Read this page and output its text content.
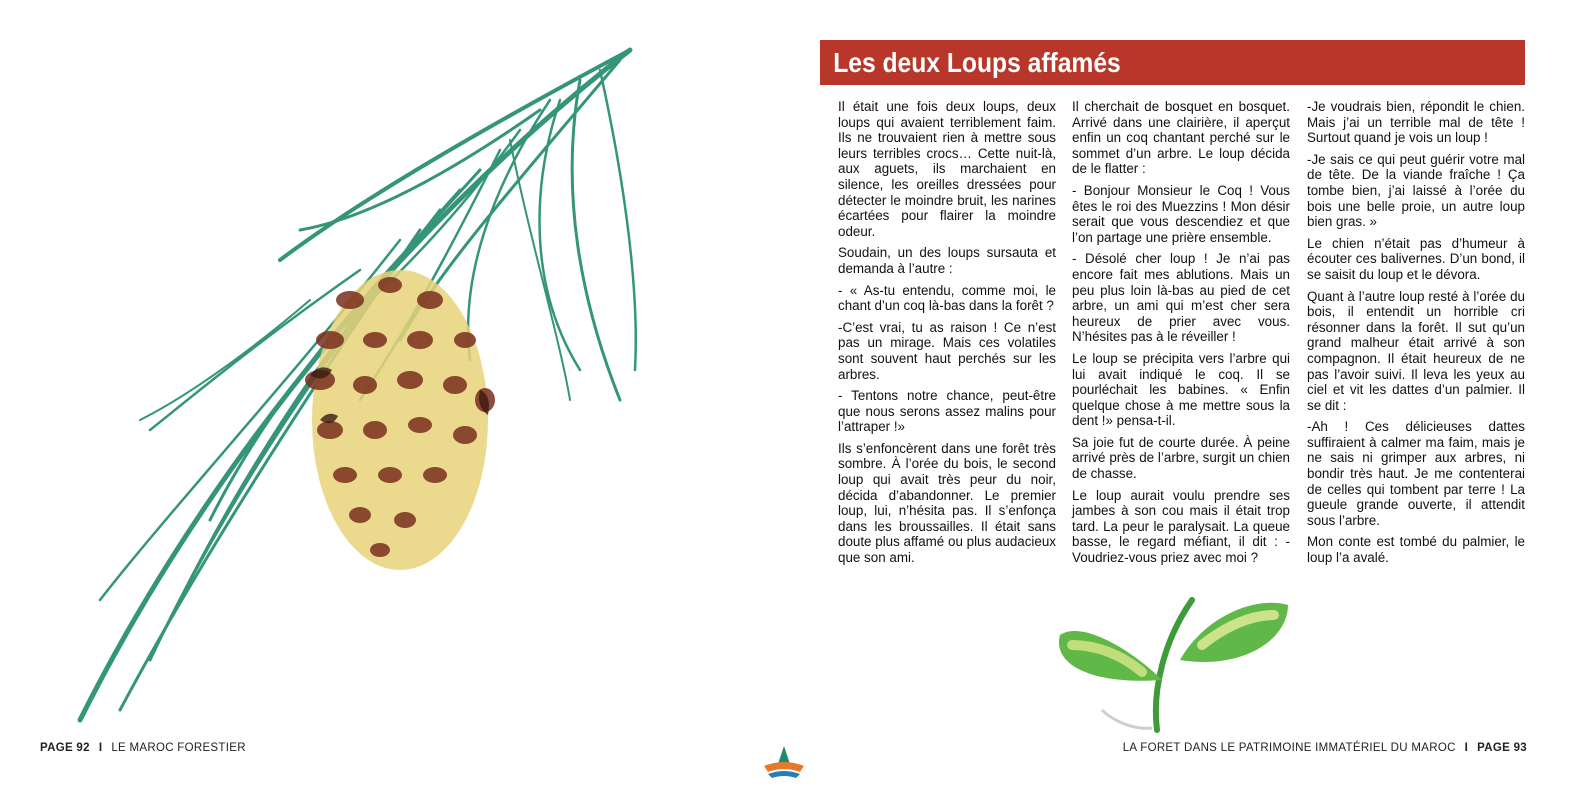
Les deux Loups affamés

Il était une fois deux loups, deux loups qui avaient terriblement faim. Ils ne trouvaient rien à mettre sous leurs terribles crocs… Cette nuit-là, aux aguets, ils marchaient en silence, les oreilles dressées pour détecter le moindre bruit, les narines écartées pour flairer la moindre odeur.

Soudain, un des loups sursauta et demanda à l’autre :

- « As-tu entendu, comme moi, le chant d’un coq là-bas dans la forêt ?

-C’est vrai, tu as raison ! Ce n’est pas un mirage. Mais ces volatiles sont souvent haut perchés sur les arbres.

- Tentons notre chance, peut-être que nous serons assez malins pour l’attraper !»

Ils s’enfoncèrent dans une forêt très sombre. À l’orée du bois, le second loup qui avait très peur du noir, décida d’abandonner. Le premier loup, lui, n’hésita pas. Il s’enfonça dans les broussailles. Il était sans doute plus affamé ou plus audacieux que son ami.

Il cherchait de bosquet en bosquet. Arrivé dans une clairière, il aperçut enfin un coq chantant perché sur le sommet d’un arbre. Le loup décida de le flatter :

- Bonjour Monsieur le Coq ! Vous êtes le roi des Muezzins ! Mon désir serait que vous descendiez et que l’on partage une prière ensemble.

- Désolé cher loup ! Je n’ai pas encore fait mes ablutions. Mais un peu plus loin là-bas au pied de cet arbre, un ami qui m’est cher sera heureux de prier avec vous. N’hésites pas à le réveiller !

Le loup se précipita vers l’arbre qui lui avait indiqué le coq. Il se pourléchait les babines. « Enfin quelque chose à me mettre sous la dent !» pensa-t-il.

Sa joie fut de courte durée. À peine arrivé près de l’arbre, surgit un chien de chasse.

Le loup aurait voulu prendre ses jambes à son cou mais il était trop tard. La peur le paralysait. La queue basse, le regard méfiant, il dit : - Voudriez-vous priez avec moi ?

-Je voudrais bien, répondit le chien. Mais j’ai un terrible mal de tête ! Surtout quand je vois un loup !

-Je sais ce qui peut guérir votre mal de tête. De la viande fraîche ! Ça tombe bien, j’ai laissé à l’orée du bois une belle proie, un autre loup bien gras. »

Le chien n’était pas d’humeur à écouter ces balivernes. D’un bond, il se saisit du loup et le dévora.

Quant à l’autre loup resté à l’orée du bois, il entendit un horrible cri résonner dans la forêt. Il sut qu’un grand malheur était arrivé à son compagnon. Il était heureux de ne pas l’avoir suivi. Il leva les yeux au ciel et vit les dattes d’un palmier. Il se dit :

-Ah ! Ces délicieuses dattes suffiraient à calmer ma faim, mais je ne sais ni grimper aux arbres, ni bondir très haut. Je me contenterai de celles qui tombent par terre ! La gueule grande ouverte, il attendit sous l’arbre.

Mon conte est tombé du palmier, le loup l’a avalé.

PAGE 92 I LE MAROC FORESTIER	LA FORET DANS LE PATRIMOINE IMMATÉRIEL DU MAROC I PAGE 93
